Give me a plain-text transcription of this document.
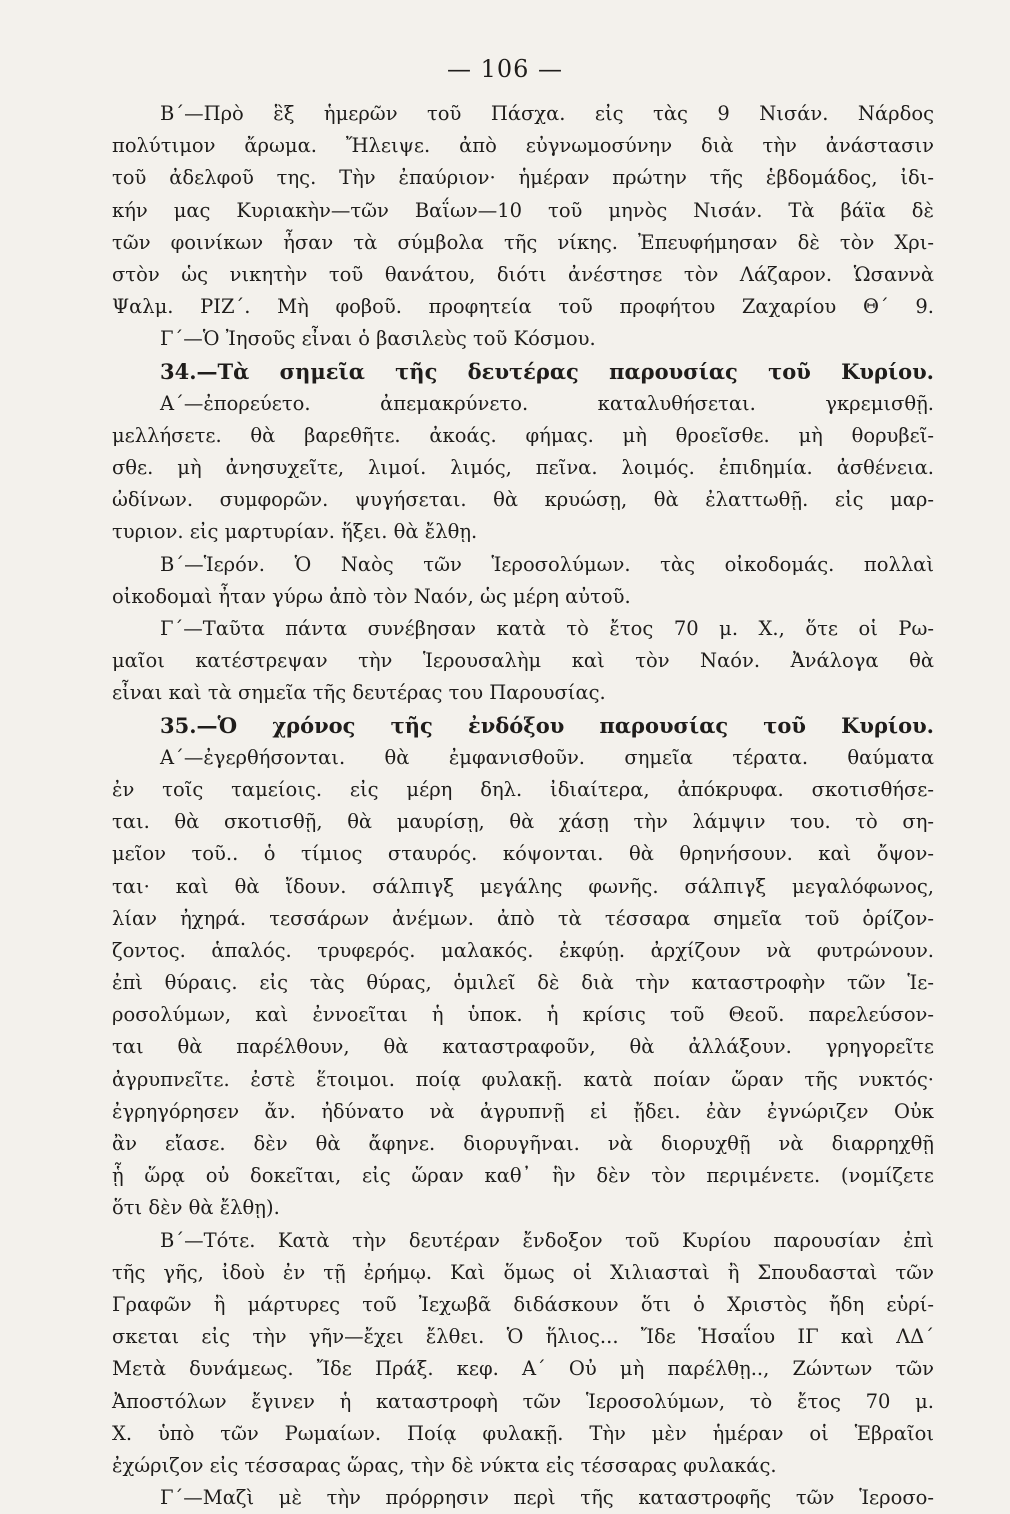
— 106 —
Β΄—Πρὸ ἓξ ἡμερῶν τοῦ Πάσχα. εἰς τὰς 9 Νισάν. Νάρδος
πολύτιμον ἄρωμα. Ἤλειψε. ἀπὸ εὐγνωμοσύνην διὰ τὴν ἀνάστασιν
τοῦ ἀδελφοῦ της. Τὴν ἐπαύριον· ἡμέραν πρώτην τῆς ἑβδομάδος, ἰδι-
κήν μας Κυριακὴν—τῶν Βαΐων—10 τοῦ μηνὸς Νισάν. Τὰ βάϊα δὲ
τῶν φοινίκων ἦσαν τὰ σύμβολα τῆς νίκης. Ἐπευφήμησαν δὲ τὸν Χρι-
στὸν ὡς νικητὴν τοῦ θανάτου, διότι ἀνέστησε τὸν Λάζαρον. Ὡσαννὰ
Ψαλμ. ΡΙΖ΄. Μὴ φοβοῦ. προφητεία τοῦ προφήτου Ζαχαρίου Θ΄ 9.
Γ΄—Ὁ Ἰησοῦς εἶναι ὁ βασιλεὺς τοῦ Κόσμου.
34.—Τὰ σημεῖα τῆς δευτέρας παρουσίας τοῦ Κυρίου.
Α΄—ἐπορεύετο. ἀπεμακρύνετο. καταλυθήσεται. γκρεμισθῇ.
μελλήσετε. θὰ βαρεθῆτε. ἀκοάς. φήμας. μὴ θροεῖσθε. μὴ θορυβεῖ-
σθε. μὴ ἀνησυχεῖτε, λιμοί. λιμός, πεῖνα. λοιμός. ἐπιδημία. ἀσθένεια.
ὠδίνων. συμφορῶν. ψυγήσεται. θὰ κρυώσῃ, θὰ ἐλαττωθῇ. εἰς μαρ-
τυριον. εἰς μαρτυρίαν. ἥξει. θὰ ἔλθῃ.
Β΄—Ἱερόν. Ὁ Ναὸς τῶν Ἱεροσολύμων. τὰς οἰκοδομάς. πολλαὶ
οἰκοδομαὶ ἦταν γύρω ἀπὸ τὸν Ναόν, ὡς μέρη αὐτοῦ.
Γ΄—Ταῦτα πάντα συνέβησαν κατὰ τὸ ἔτος 70 μ. Χ., ὅτε οἱ Ρω-
μαῖοι κατέστρεψαν τὴν Ἱερουσαλὴμ καὶ τὸν Ναόν. Ἀνάλογα θὰ
εἶναι καὶ τὰ σημεῖα τῆς δευτέρας του Παρουσίας.
35.—Ὁ χρόνος τῆς ἐνδόξου παρουσίας τοῦ Κυρίου.
Α΄—ἐγερθήσονται. θὰ ἐμφανισθοῦν. σημεῖα τέρατα. θαύματα
ἐν τοῖς ταμείοις. εἰς μέρη δηλ. ἰδιαίτερα, ἀπόκρυφα. σκοτισθήσε-
ται. θὰ σκοτισθῇ, θὰ μαυρίσῃ, θὰ χάσῃ τὴν λάμψιν του. τὸ ση-
μεῖον τοῦ.. ὁ τίμιος σταυρός. κόψονται. θὰ θρηνήσουν. καὶ ὄψον-
ται· καὶ θὰ ἴδουν. σάλπιγξ μεγάλης φωνῆς. σάλπιγξ μεγαλόφωνος,
λίαν ἠχηρά. τεσσάρων ἀνέμων. ἀπὸ τὰ τέσσαρα σημεῖα τοῦ ὁρίζον-
ζοντος. ἁπαλός. τρυφερός. μαλακός. ἐκφύῃ. ἀρχίζουν νὰ φυτρώνουν.
ἐπὶ θύραις. εἰς τὰς θύρας, ὁμιλεῖ δὲ διὰ τὴν καταστροφὴν τῶν Ἱε-
ροσολύμων, καὶ ἐννοεῖται ἡ ὑποκ. ἡ κρίσις τοῦ Θεοῦ. παρελεύσον-
ται θὰ παρέλθουν, θὰ καταστραφοῦν, θὰ ἀλλάξουν. γρηγορεῖτε
ἀγρυπνεῖτε. ἐστὲ ἕτοιμοι. ποίᾳ φυλακῇ. κατὰ ποίαν ὥραν τῆς νυκτός·
ἐγρηγόρησεν ἄν. ἠδύνατο νὰ ἀγρυπνῇ εἰ ᾔδει. ἐὰν ἐγνώριζεν Οὐκ
ἂν εἴασε. δὲν θὰ ἄφηνε. διορυγῆναι. νὰ διορυχθῇ νὰ διαρρηχθῇ
ᾗ ὥρᾳ οὐ δοκεῖται, εἰς ὥραν καθ᾽ ἣν δὲν τὸν περιμένετε. (νομίζετε
ὅτι δὲν θὰ ἔλθῃ).
Β΄—Τότε. Κατὰ τὴν δευτέραν ἔνδοξον τοῦ Κυρίου παρουσίαν ἐπὶ
τῆς γῆς, ἰδοὺ ἐν τῇ ἐρήμῳ. Καὶ ὅμως οἱ Χιλιασταὶ ἢ Σπουδασταὶ τῶν
Γραφῶν ἢ μάρτυρες τοῦ Ἰεχωβᾶ διδάσκουν ὅτι ὁ Χριστὸς ἤδη εὑρί-
σκεται εἰς τὴν γῆν—ἔχει ἔλθει. Ὁ ἥλιος... Ἴδε Ἡσαΐου ΙΓ καὶ ΛΔ΄
Μετὰ δυνάμεως. Ἴδε Πράξ. κεφ. Α΄ Οὐ μὴ παρέλθῃ.., Ζώντων τῶν
Ἀποστόλων ἔγινεν ἡ καταστροφὴ τῶν Ἱεροσολύμων, τὸ ἔτος 70 μ.
Χ. ὑπὸ τῶν Ρωμαίων. Ποίᾳ φυλακῇ. Τὴν μὲν ἡμέραν οἱ Ἑβραῖοι
ἐχώριζον εἰς τέσσαρας ὥρας, τὴν δὲ νύκτα εἰς τέσσαρας φυλακάς.
Γ΄—Μαζὶ μὲ τὴν πρόρρησιν περὶ τῆς καταστροφῆς τῶν Ἱεροσο-
